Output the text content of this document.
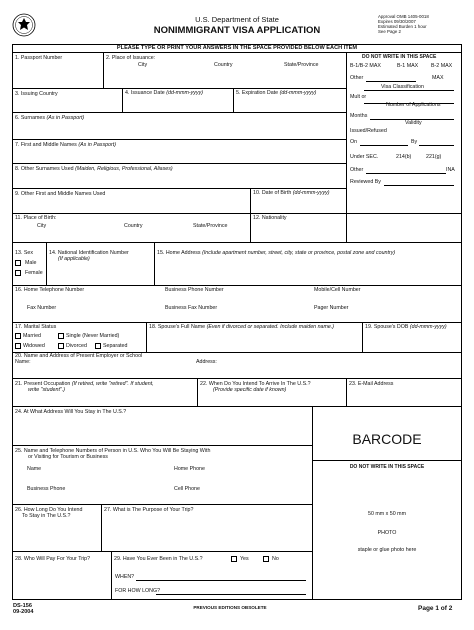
U.S. Department of State
NONIMMIGRANT VISA APPLICATION
Approval OMB 1405-0018
Expires 09/30/2007
Estimated Burden 1 hour
See Page 2
PLEASE TYPE OR PRINT YOUR ANSWERS IN THE SPACE PROVIDED BELOW EACH ITEM
DO NOT WRITE IN THIS SPACE
B-1/B-2 MAX	B-1 MAX B-2 MAX
Other	MAX
Visa Classification
Mult or
Number of Applications
Months
Validity
Issued/Refused
On	By
Under SEC.	214(b)	221(g)
Other	INA
Reviewed By
1. Passport Number	2. Place of Issuance:
City	Country	State/Province
3. Issuing Country	4. Issuance Date (dd-mmm-yyyy)	5. Expiration Date (dd-mmm-yyyy)
6. Surnames (As in Passport)
7. First and Middle Names (As in Passport)
8. Other Surnames Used (Maiden, Religious, Professional, Aliases)
9. Other First and Middle Names Used	10. Date of Birth (dd-mmm-yyyy)
11. Place of Birth:
City	Country	State/Province
12. Nationality
13. Sex
Male
Female
14. National Identification Number
(If applicable)
15. Home Address (Include apartment number, street, city, state or province, postal zone and country)
16. Home Telephone Number	Business Phone Number	Mobile/Cell Number
Fax Number	Business Fax Number	Pager Number
17. Marital Status
Married	Single (Never Married)
Widowed	Divorced	Separated
18. Spouse's Full Name (Even if divorced or separated. Include maiden name.)	19. Spouse's DOB (dd-mmm-yyyy)
20. Name and Address of Present Employer or School
Name:	Address:
21. Present Occupation (If retired, write "retired". If student,
write "student".)
22. When Do You Intend To Arrive In The U.S.?
(Provide specific date if known)
23. E-Mail Address
24. At What Address Will You Stay in The U.S.?
BARCODE
DO NOT WRITE IN THIS SPACE
25. Name and Telephone Numbers of Person in U.S. Who You Will Be Staying With
or Visiting for Tourism or Business
Name	Home Phone
Business Phone	Cell Phone
50 mm x 50 mm
PHOTO
staple or glue photo here
26. How Long Do You Intend
To Stay in The U.S.?
27. What is The Purpose of Your Trip?
28. Who Will Pay For Your Trip?	29. Have You Ever Been in The U.S.?	Yes	No
WHEN?
FOR HOW LONG?
DS-156
09-2004
PREVIOUS EDITIONS OBSOLETE	Page 1 of 2
